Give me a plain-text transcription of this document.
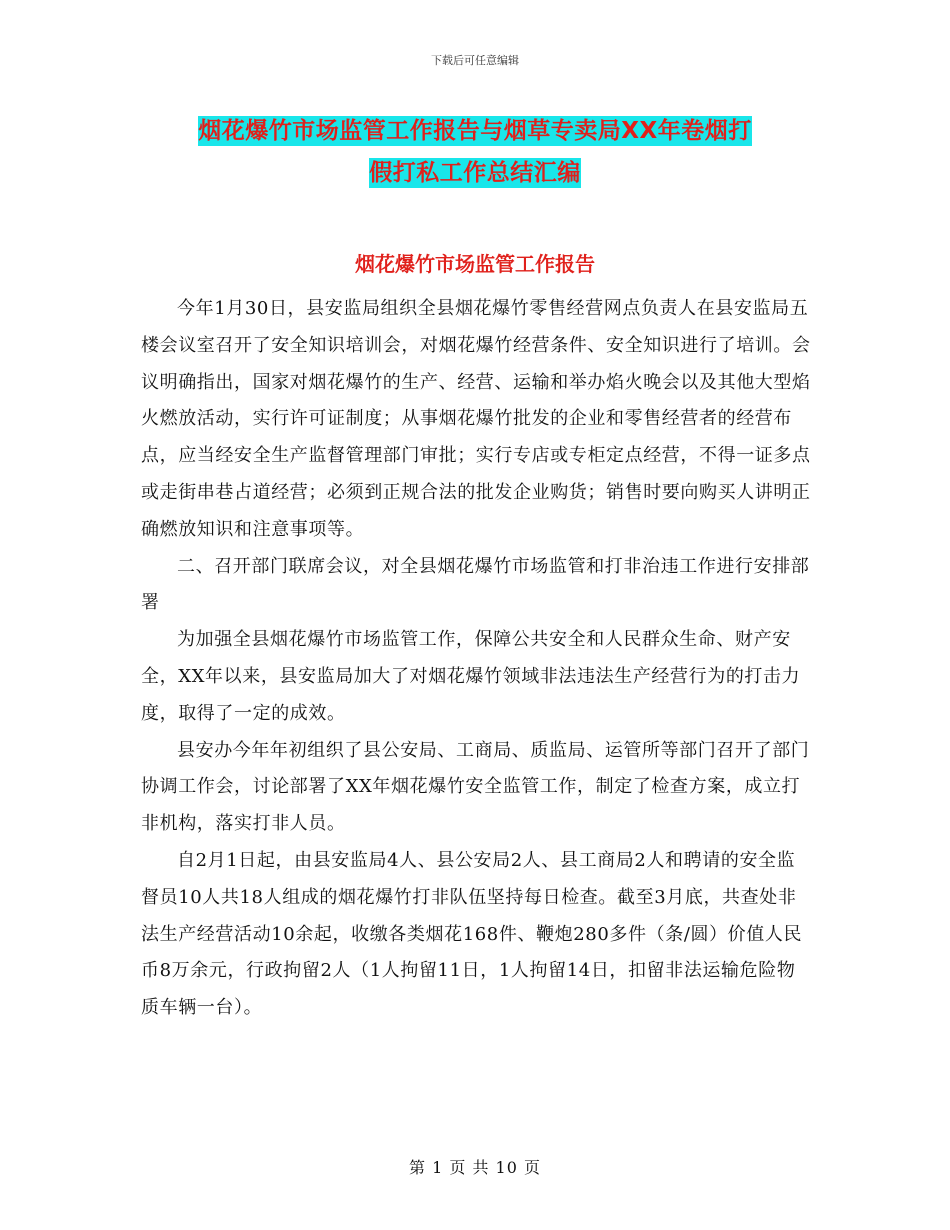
下载后可任意编辑
烟花爆竹市场监管工作报告与烟草专卖局XX年卷烟打
假打私工作总结汇编
烟花爆竹市场监管工作报告

今年1月30日，县安监局组织全县烟花爆竹零售经营网点负责人在县安监局五楼会议室召开了安全知识培训会，对烟花爆竹经营条件、安全知识进行了培训。会议明确指出，国家对烟花爆竹的生产、经营、运输和举办焰火晚会以及其他大型焰火燃放活动，实行许可证制度；从事烟花爆竹批发的企业和零售经营者的经营布点，应当经安全生产监督管理部门审批；实行专店或专柜定点经营，不得一证多点或走街串巷占道经营；必须到正规合法的批发企业购货；销售时要向购买人讲明正确燃放知识和注意事项等。

二、召开部门联席会议，对全县烟花爆竹市场监管和打非治违工作进行安排部署

为加强全县烟花爆竹市场监管工作，保障公共安全和人民群众生命、财产安全，XX年以来，县安监局加大了对烟花爆竹领域非法违法生产经营行为的打击力度，取得了一定的成效。

县安办今年年初组织了县公安局、工商局、质监局、运管所等部门召开了部门协调工作会，讨论部署了XX年烟花爆竹安全监管工作，制定了检查方案，成立打非机构，落实打非人员。

自2月1日起，由县安监局4人、县公安局2人、县工商局2人和聘请的安全监督员10人共18人组成的烟花爆竹打非队伍坚持每日检查。截至3月底，共查处非法生产经营活动10余起，收缴各类烟花168件、鞭炮280多件（条/圆）价值人民币8万余元，行政拘留2人（1人拘留11日，1人拘留14日，扣留非法运输危险物质车辆一台）。

第 1 页 共 10 页
